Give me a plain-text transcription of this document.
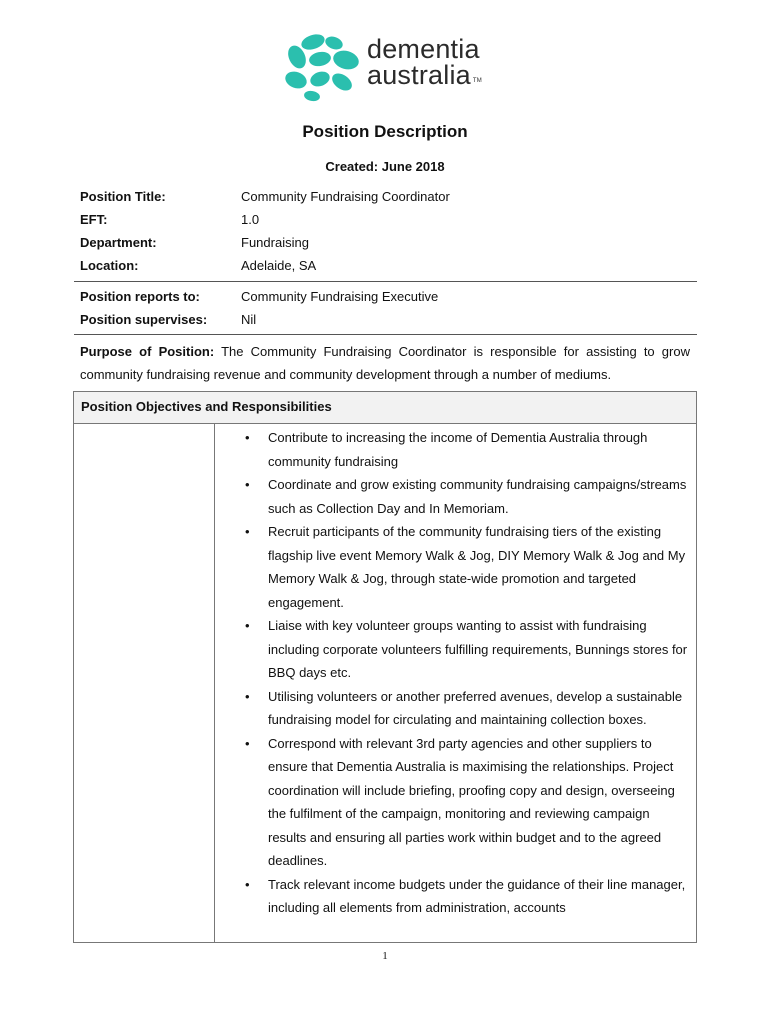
dementia
australia ™
Position Description
Created: June 2018
Position Title:	Community Fundraising Coordinator
EFT:	1.0
Department:	Fundraising
Location:	Adelaide, SA
Position reports to:	Community Fundraising Executive
Position supervises:	Nil
Purpose of Position: The Community Fundraising Coordinator is responsible for assisting to grow community fundraising revenue and community development through a number of mediums.
Position Objectives and Responsibilities
• Contribute to increasing the income of Dementia Australia through community fundraising
• Coordinate and grow existing community fundraising campaigns/streams such as Collection Day and In Memoriam.
• Recruit participants of the community fundraising tiers of the existing flagship live event Memory Walk & Jog, DIY Memory Walk & Jog and My Memory Walk & Jog, through state-wide promotion and targeted engagement.
• Liaise with key volunteer groups wanting to assist with fundraising including corporate volunteers fulfilling requirements, Bunnings stores for BBQ days etc.
• Utilising volunteers or another preferred avenues, develop a sustainable fundraising model for circulating and maintaining collection boxes.
• Correspond with relevant 3rd party agencies and other suppliers to ensure that Dementia Australia is maximising the relationships. Project coordination will include briefing, proofing copy and design, overseeing the fulfilment of the campaign, monitoring and reviewing campaign results and ensuring all parties work within budget and to the agreed deadlines.
• Track relevant income budgets under the guidance of their line manager, including all elements from administration, accounts
1
